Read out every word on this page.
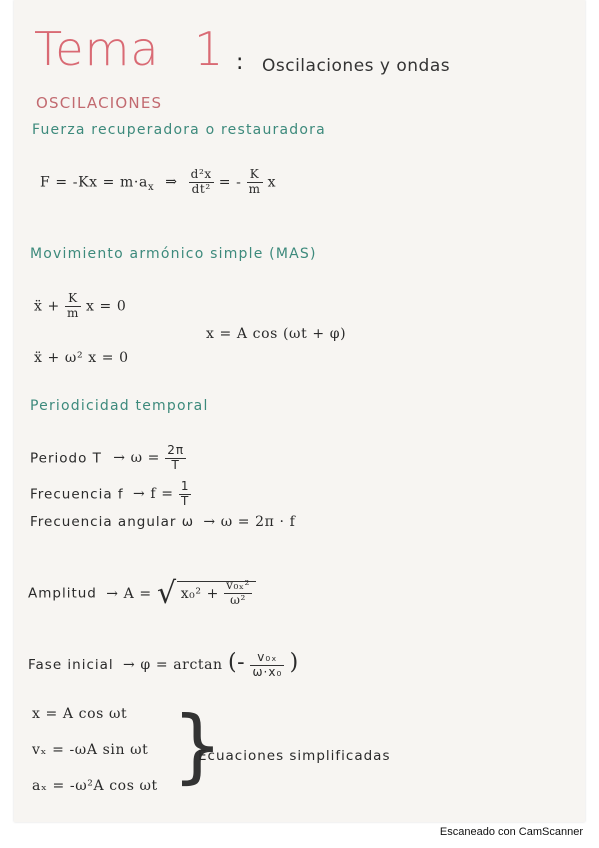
Tema 1 : Oscilaciones y ondas
OSCILACIONES
Fuerza recuperadora o restauradora
$F = -Kx = m\cdot a_x$ ⇒ $\frac{\text{d²x}}{\text{dt²}}$ = - $\frac{K}{m}$ x
Movimiento armónico simple (MAS)
ẍ + $\frac{K}{m}$ x = 0
x = A cos (ωt + φ)
ẍ + ω² x = 0
Periodicidad temporal
Periodo $T \to \omega = \frac{2\pi}{T}$
Frecuencia $f \to f = \frac{1}{T}$
Frecuencia angular ω → ω = 2π · f
Amplitud → A = √ $x_0^2 + \frac{\text{v₀ₓ²}}{\text{ω²}}$
Fase inicial → φ = arctan (- $\frac{\text{v₀ₓ}}{\text{ω·x₀}}$ )
x = A cos ωt
vₓ = -ωA sin ωt
aₓ = -ω²A cos ωt }
Ecuaciones simplificadas
Escaneado con CamScanner
